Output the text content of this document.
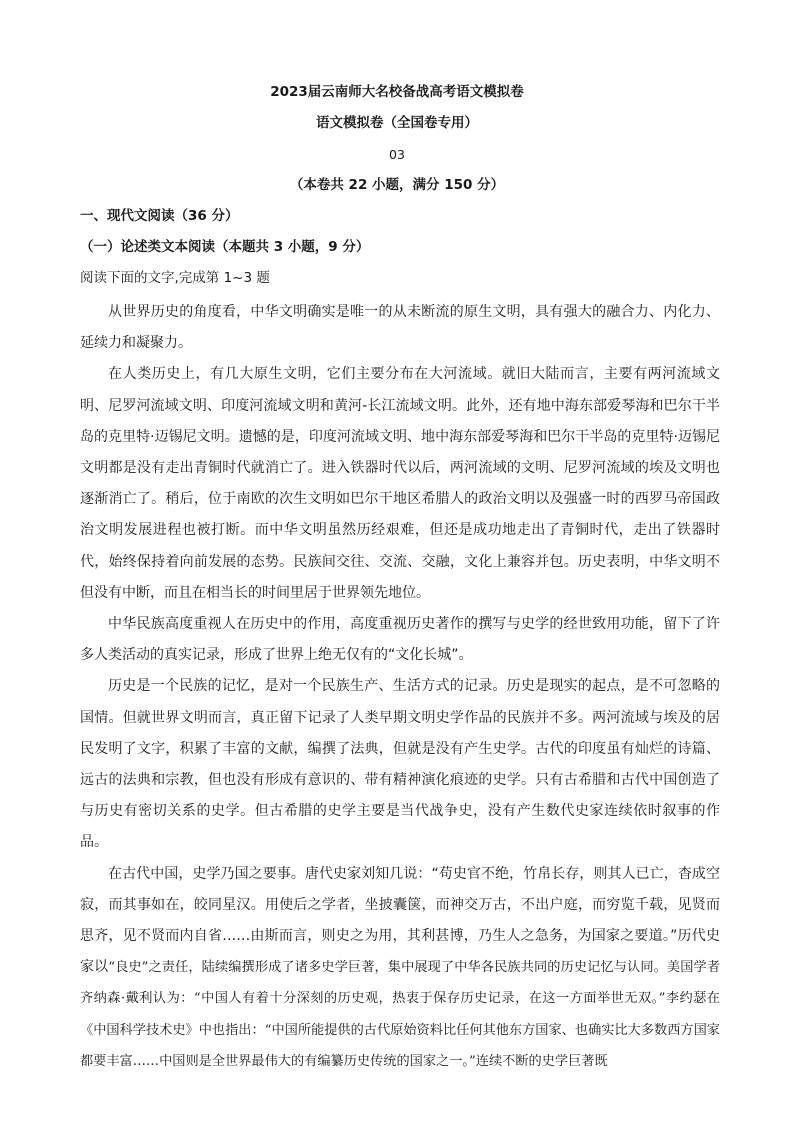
2023届云南师大名校备战高考语文模拟卷
语文模拟卷（全国卷专用）
03
（本卷共 22 小题，满分 150 分）
一、现代文阅读（36 分）
（一）论述类文本阅读（本题共 3 小题，9 分）
阅读下面的文字,完成第 1~3 题

从世界历史的角度看，中华文明确实是唯一的从未断流的原生文明，具有强大的融合力、内化力、延续力和凝聚力。

在人类历史上，有几大原生文明，它们主要分布在大河流域。就旧大陆而言，主要有两河流域文明、尼罗河流域文明、印度河流域文明和黄河-长江流域文明。此外，还有地中海东部爱琴海和巴尔干半岛的克里特·迈锡尼文明。遗憾的是，印度河流域文明、地中海东部爱琴海和巴尔干半岛的克里特·迈锡尼文明都是没有走出青铜时代就消亡了。进入铁器时代以后，两河流域的文明、尼罗河流域的埃及文明也逐渐消亡了。稍后，位于南欧的次生文明如巴尔干地区希腊人的政治文明以及强盛一时的西罗马帝国政治文明发展进程也被打断。而中华文明虽然历经艰难，但还是成功地走出了青铜时代，走出了铁器时代，始终保持着向前发展的态势。民族间交往、交流、交融，文化上兼容并包。历史表明，中华文明不但没有中断，而且在相当长的时间里居于世界领先地位。

中华民族高度重视人在历史中的作用，高度重视历史著作的撰写与史学的经世致用功能，留下了许多人类活动的真实记录，形成了世界上绝无仅有的“文化长城”。

历史是一个民族的记忆，是对一个民族生产、生活方式的记录。历史是现实的起点，是不可忽略的国情。但就世界文明而言，真正留下记录了人类早期文明史学作品的民族并不多。两河流域与埃及的居民发明了文字，积累了丰富的文献，编撰了法典，但就是没有产生史学。古代的印度虽有灿烂的诗篇、远古的法典和宗教，但也没有形成有意识的、带有精神演化痕迹的史学。只有古希腊和古代中国创造了与历史有密切关系的史学。但古希腊的史学主要是当代战争史，没有产生数代史家连续依时叙事的作品。

在古代中国，史学乃国之要事。唐代史家刘知几说：“苟史官不绝，竹帛长存，则其人已亡，杳成空寂，而其事如在，皎同星汉。用使后之学者，坐披囊箧，而神交万古，不出户庭，而穷览千载，见贤而思齐，见不贤而内自省……由斯而言，则史之为用，其利甚博，乃生人之急务，为国家之要道。”历代史家以“良史”之责任，陆续编撰形成了诸多史学巨著，集中展现了中华各民族共同的历史记忆与认同。美国学者齐纳森·戴利认为：“中国人有着十分深刻的历史观，热衷于保存历史记录，在这一方面举世无双。”李约瑟在《中国科学技术史》中也指出：“中国所能提供的古代原始资料比任何其他东方国家、也确实比大多数西方国家都要丰富……中国则是全世界最伟大的有编纂历史传统的国家之一。”连续不断的史学巨著既
